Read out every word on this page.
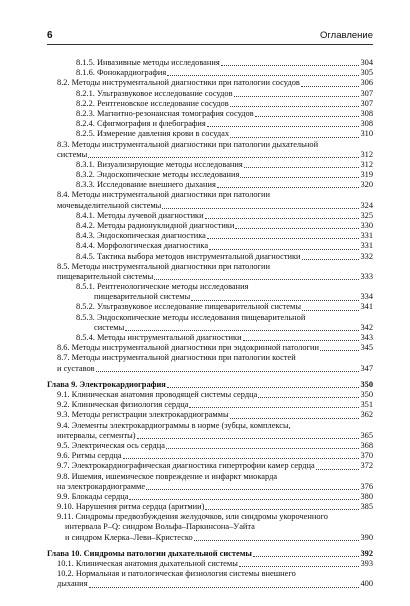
6	Оглавление
8.1.5. Инвазивные методы исследования	304
8.1.6. Фонокардиография	305
8.2. Методы инструментальной диагностики при патологии сосудов	306
8.2.1. Ультразвуковое исследование сосудов	307
8.2.2. Рентгеновское исследование сосудов	307
8.2.3. Магнитно-резонансная томография сосудов	308
8.2.4. Сфигмография и флебография	308
8.2.5. Измерение давления крови в сосудах	310
8.3. Методы инструментальной диагностики при патологии дыхательной
системы	312
8.3.1. Визуализирующие методы исследования	312
8.3.2. Эндоскопические методы исследования	319
8.3.3. Исследование внешнего дыхания	320
8.4. Методы инструментальной диагностики при патологии
мочевыделительной системы	324
8.4.1. Методы лучевой диагностики	325
8.4.2. Методы радионуклидной диагностики	330
8.4.3. Эндоскопическая диагностика	331
8.4.4. Морфологическая диагностика	331
8.4.5. Тактика выбора методов инструментальной диагностики	332
8.5. Методы инструментальной диагностики при патологии
пищеварительной системы	333
8.5.1. Рентгенологические методы исследования
пищеварительной системы	334
8.5.2. Ультразвуковое исследование пищеварительной системы	341
8.5.3. Эндоскопические методы исследования пищеварительной
системы	342
8.5.4. Методы инструментальной диагностики	343
8.6. Методы инструментальной диагностики при эндокринной патологии	345
8.7. Методы инструментальной диагностики при патологии костей
и суставов	347
Глава 9. Электрокардиография	350
9.1. Клиническая анатомия проводящей системы сердца	350
9.2. Клиническая физиология сердца	351
9.3. Методы регистрации электрокардиограммы	362
9.4. Элементы электрокардиограммы в норме (зубцы, комплексы,
интервалы, сегменты)	365
9.5. Электрическая ось сердца	368
9.6. Ритмы сердца	370
9.7. Электрокардиографическая диагностика гипертрофии камер сердца	372
9.8. Ишемия, ишемическое повреждение и инфаркт миокарда
на электрокардиограмме	376
9.9. Блокады сердца	380
9.10. Нарушения ритма сердца (аритмии)	385
9.11. Синдромы предвозбуждения желудочков, или синдромы укороченного
интервала P–Q: синдром Вольфа–Паркинсона–Уайта
и синдром Клерка–Леви–Кристеско	390
Глава 10. Синдромы патологии дыхательной системы	392
10.1. Клиническая анатомия дыхательной системы	393
10.2. Нормальная и патологическая физиология системы внешнего
дыхания	400
